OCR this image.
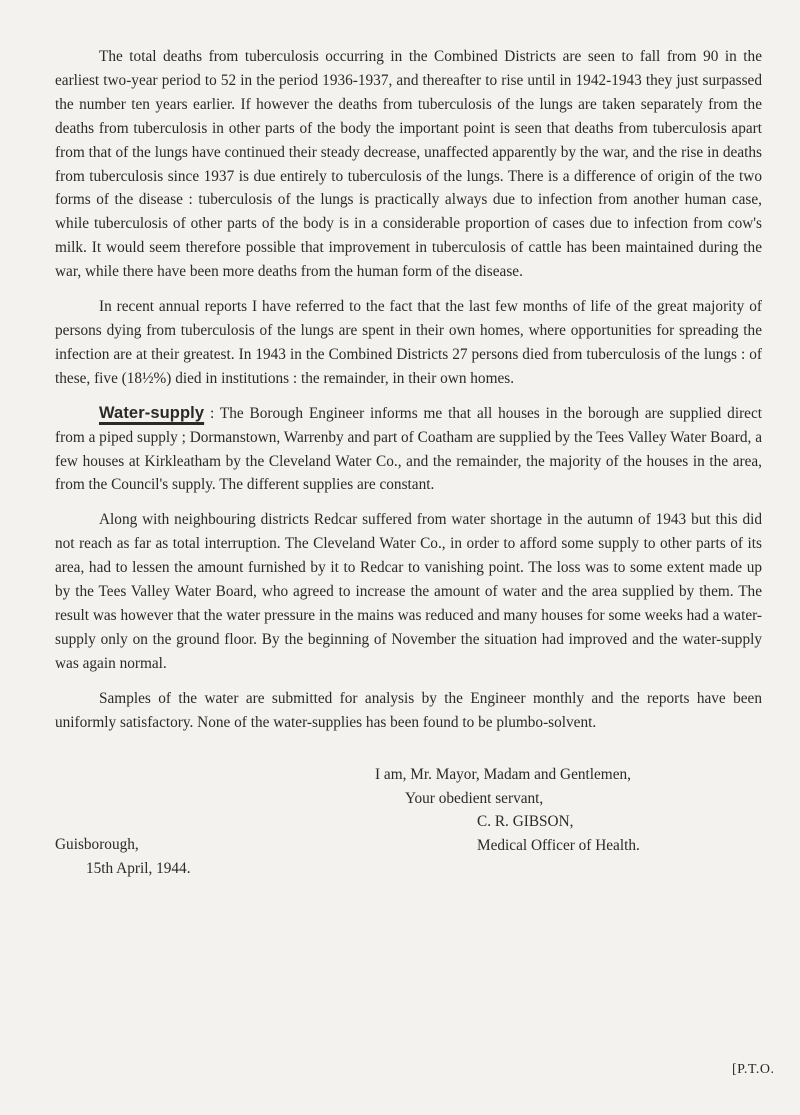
The total deaths from tuberculosis occurring in the Combined Districts are seen to fall from 90 in the earliest two-year period to 52 in the period 1936-1937, and thereafter to rise until in 1942-1943 they just surpassed the number ten years earlier. If however the deaths from tuberculosis of the lungs are taken separately from the deaths from tuberculosis in other parts of the body the important point is seen that deaths from tuberculosis apart from that of the lungs have continued their steady decrease, unaffected apparently by the war, and the rise in deaths from tuberculosis since 1937 is due entirely to tuberculosis of the lungs. There is a difference of origin of the two forms of the disease : tuberculosis of the lungs is practically always due to infection from another human case, while tuberculosis of other parts of the body is in a considerable proportion of cases due to infection from cow's milk. It would seem therefore possible that improvement in tuberculosis of cattle has been maintained during the war, while there have been more deaths from the human form of the disease.

In recent annual reports I have referred to the fact that the last few months of life of the great majority of persons dying from tuberculosis of the lungs are spent in their own homes, where opportunities for spreading the infection are at their greatest. In 1943 in the Combined Districts 27 persons died from tuberculosis of the lungs : of these, five (18½%) died in institutions : the remainder, in their own homes.

Water-supply : The Borough Engineer informs me that all houses in the borough are supplied direct from a piped supply ; Dormanstown, Warrenby and part of Coatham are supplied by the Tees Valley Water Board, a few houses at Kirkleatham by the Cleveland Water Co., and the remainder, the majority of the houses in the area, from the Council's supply. The different supplies are constant.

Along with neighbouring districts Redcar suffered from water shortage in the autumn of 1943 but this did not reach as far as total interruption. The Cleveland Water Co., in order to afford some supply to other parts of its area, had to lessen the amount furnished by it to Redcar to vanishing point. The loss was to some extent made up by the Tees Valley Water Board, who agreed to increase the amount of water and the area supplied by them. The result was however that the water pressure in the mains was reduced and many houses for some weeks had a water-supply only on the ground floor. By the beginning of November the situation had improved and the water-supply was again normal.

Samples of the water are submitted for analysis by the Engineer monthly and the reports have been uniformly satisfactory. None of the water-supplies has been found to be plumbo-solvent.

I am, Mr. Mayor, Madam and Gentlemen,
Your obedient servant,
C. R. GIBSON,
Medical Officer of Health.
Guisborough,
15th April, 1944.
[P.T.O.
